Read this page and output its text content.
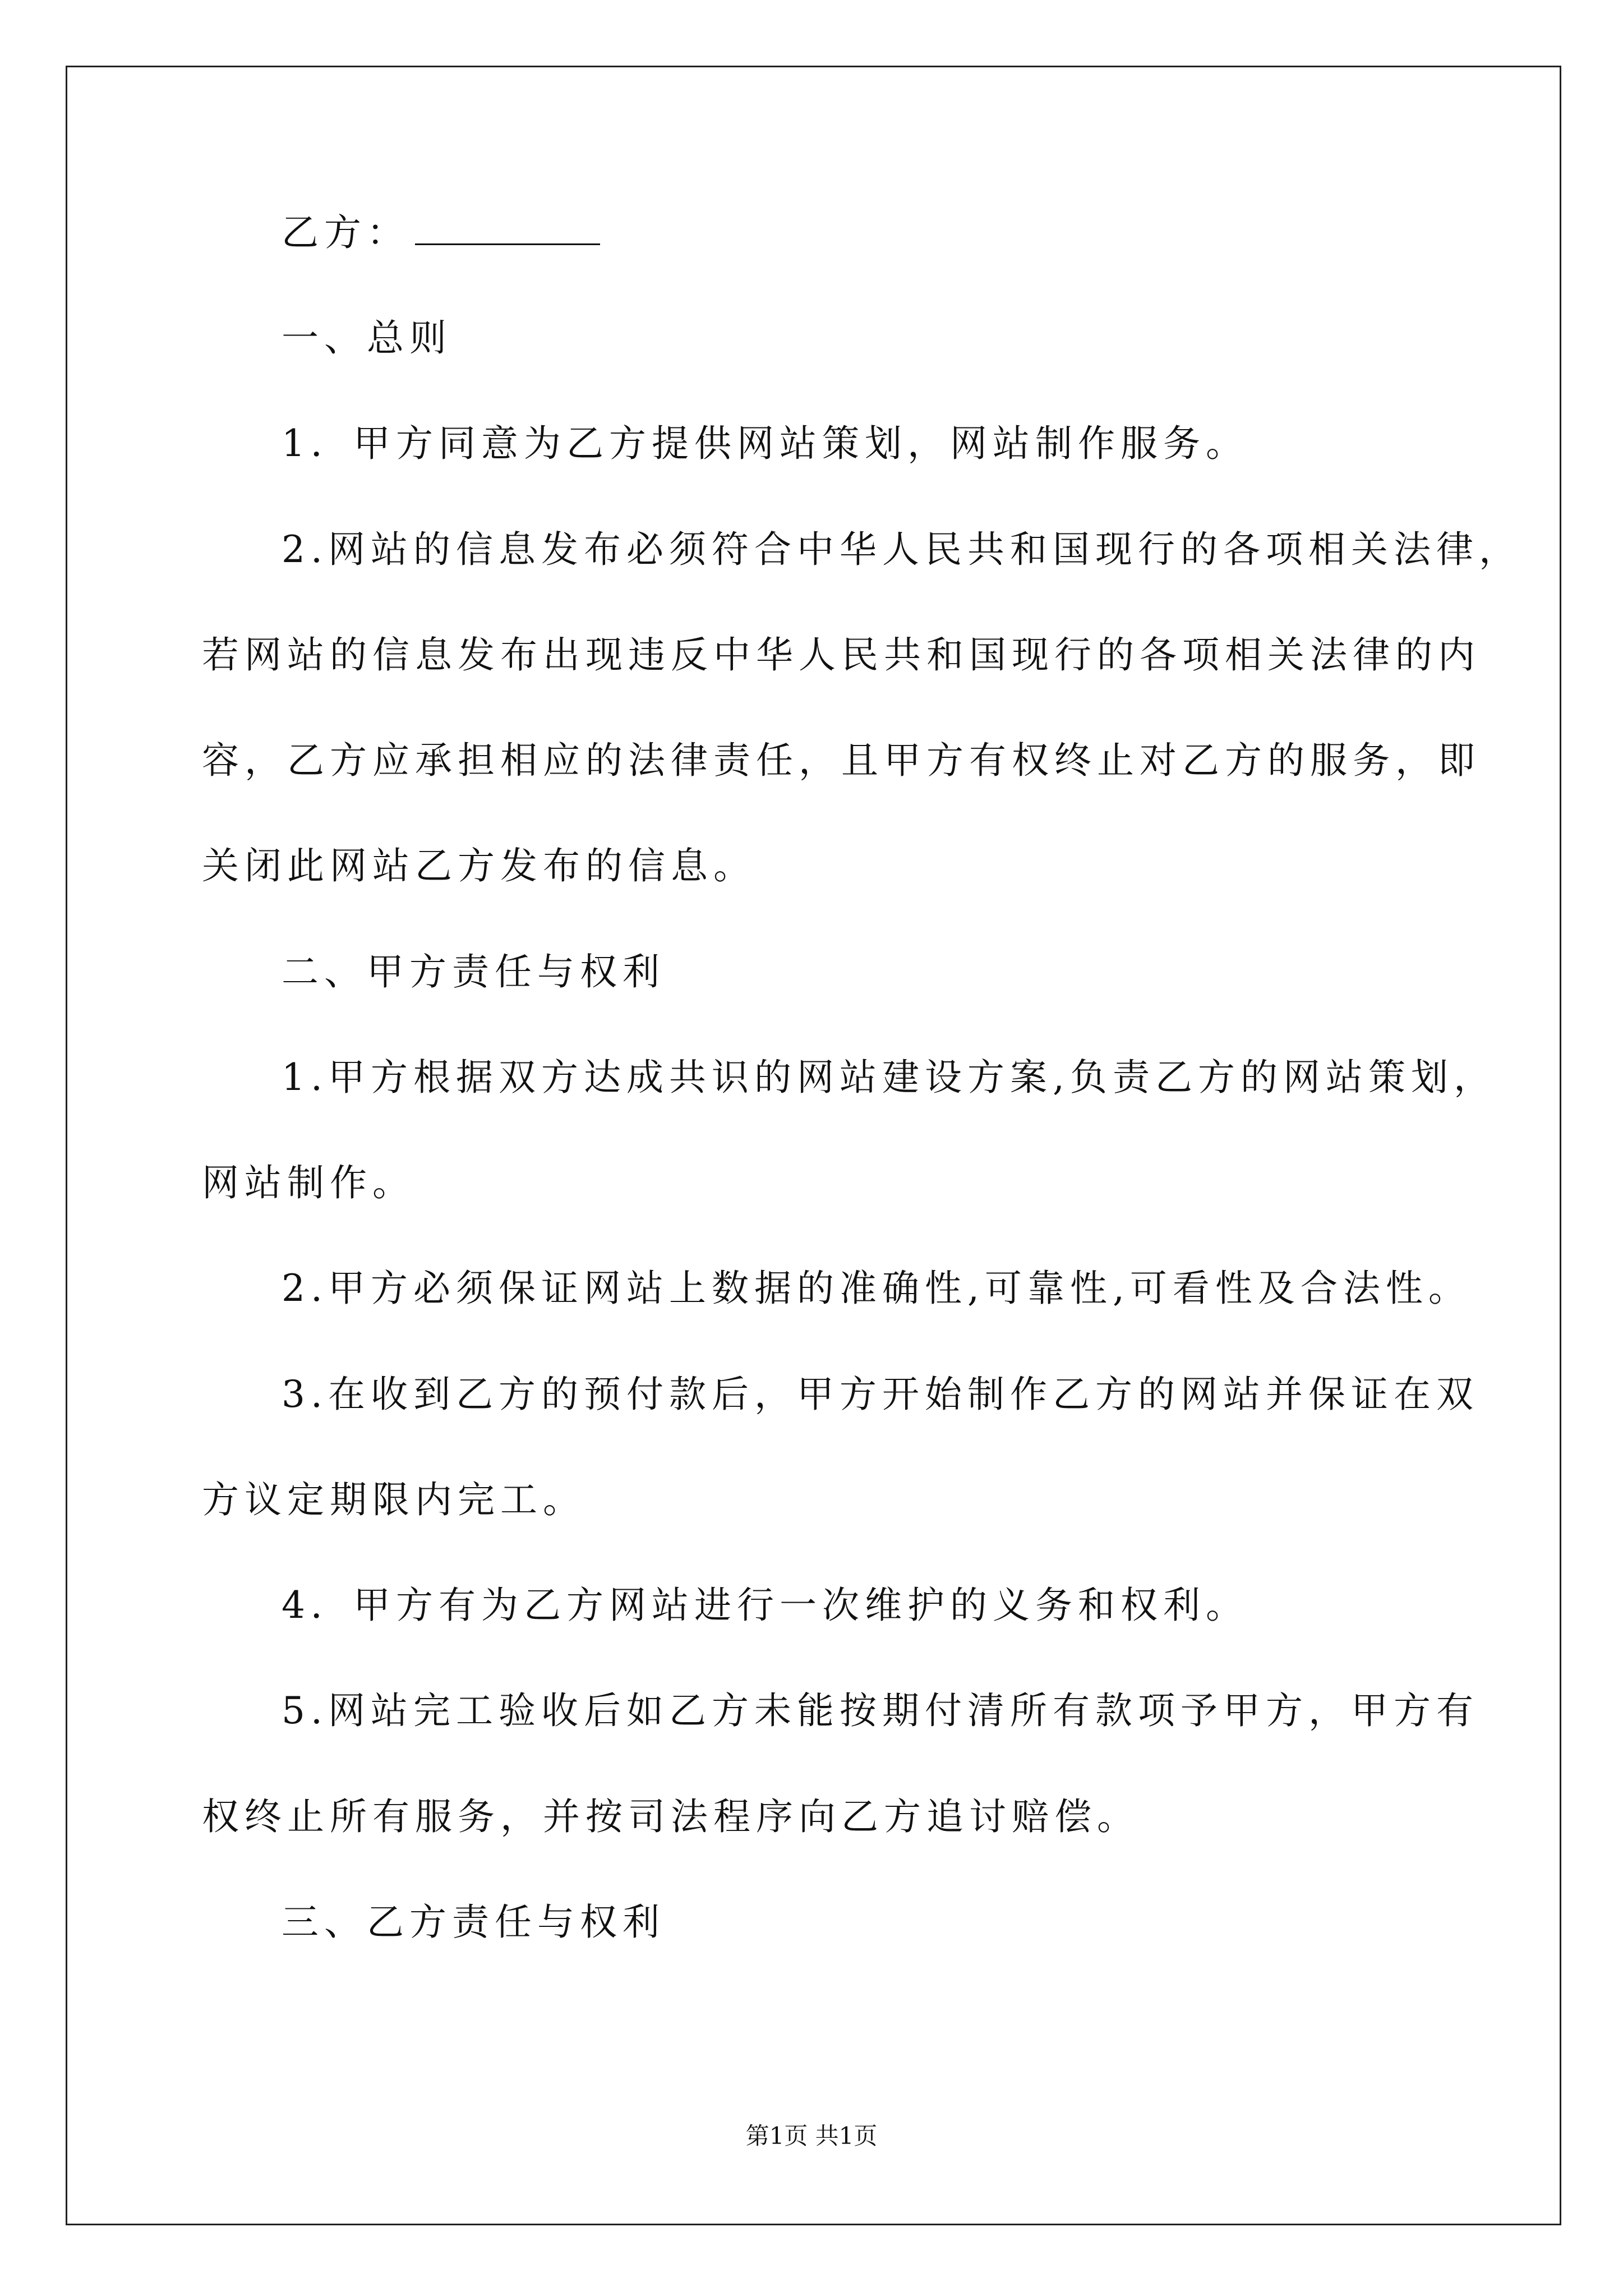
乙方：
一、总则
1．甲方同意为乙方提供网站策划，网站制作服务。
2.网站的信息发布必须符合中华人民共和国现行的各项相关法律，
若网站的信息发布出现违反中华人民共和国现行的各项相关法律的内
容，乙方应承担相应的法律责任，且甲方有权终止对乙方的服务，即
关闭此网站乙方发布的信息。
二、甲方责任与权利
1.甲方根据双方达成共识的网站建设方案,负责乙方的网站策划，
网站制作。
2.甲方必须保证网站上数据的准确性,可靠性,可看性及合法性。
3.在收到乙方的预付款后，甲方开始制作乙方的网站并保证在双
方议定期限内完工。
4．甲方有为乙方网站进行一次维护的义务和权利。
5.网站完工验收后如乙方未能按期付清所有款项予甲方，甲方有
权终止所有服务，并按司法程序向乙方追讨赔偿。
三、乙方责任与权利
第1页 共1页
